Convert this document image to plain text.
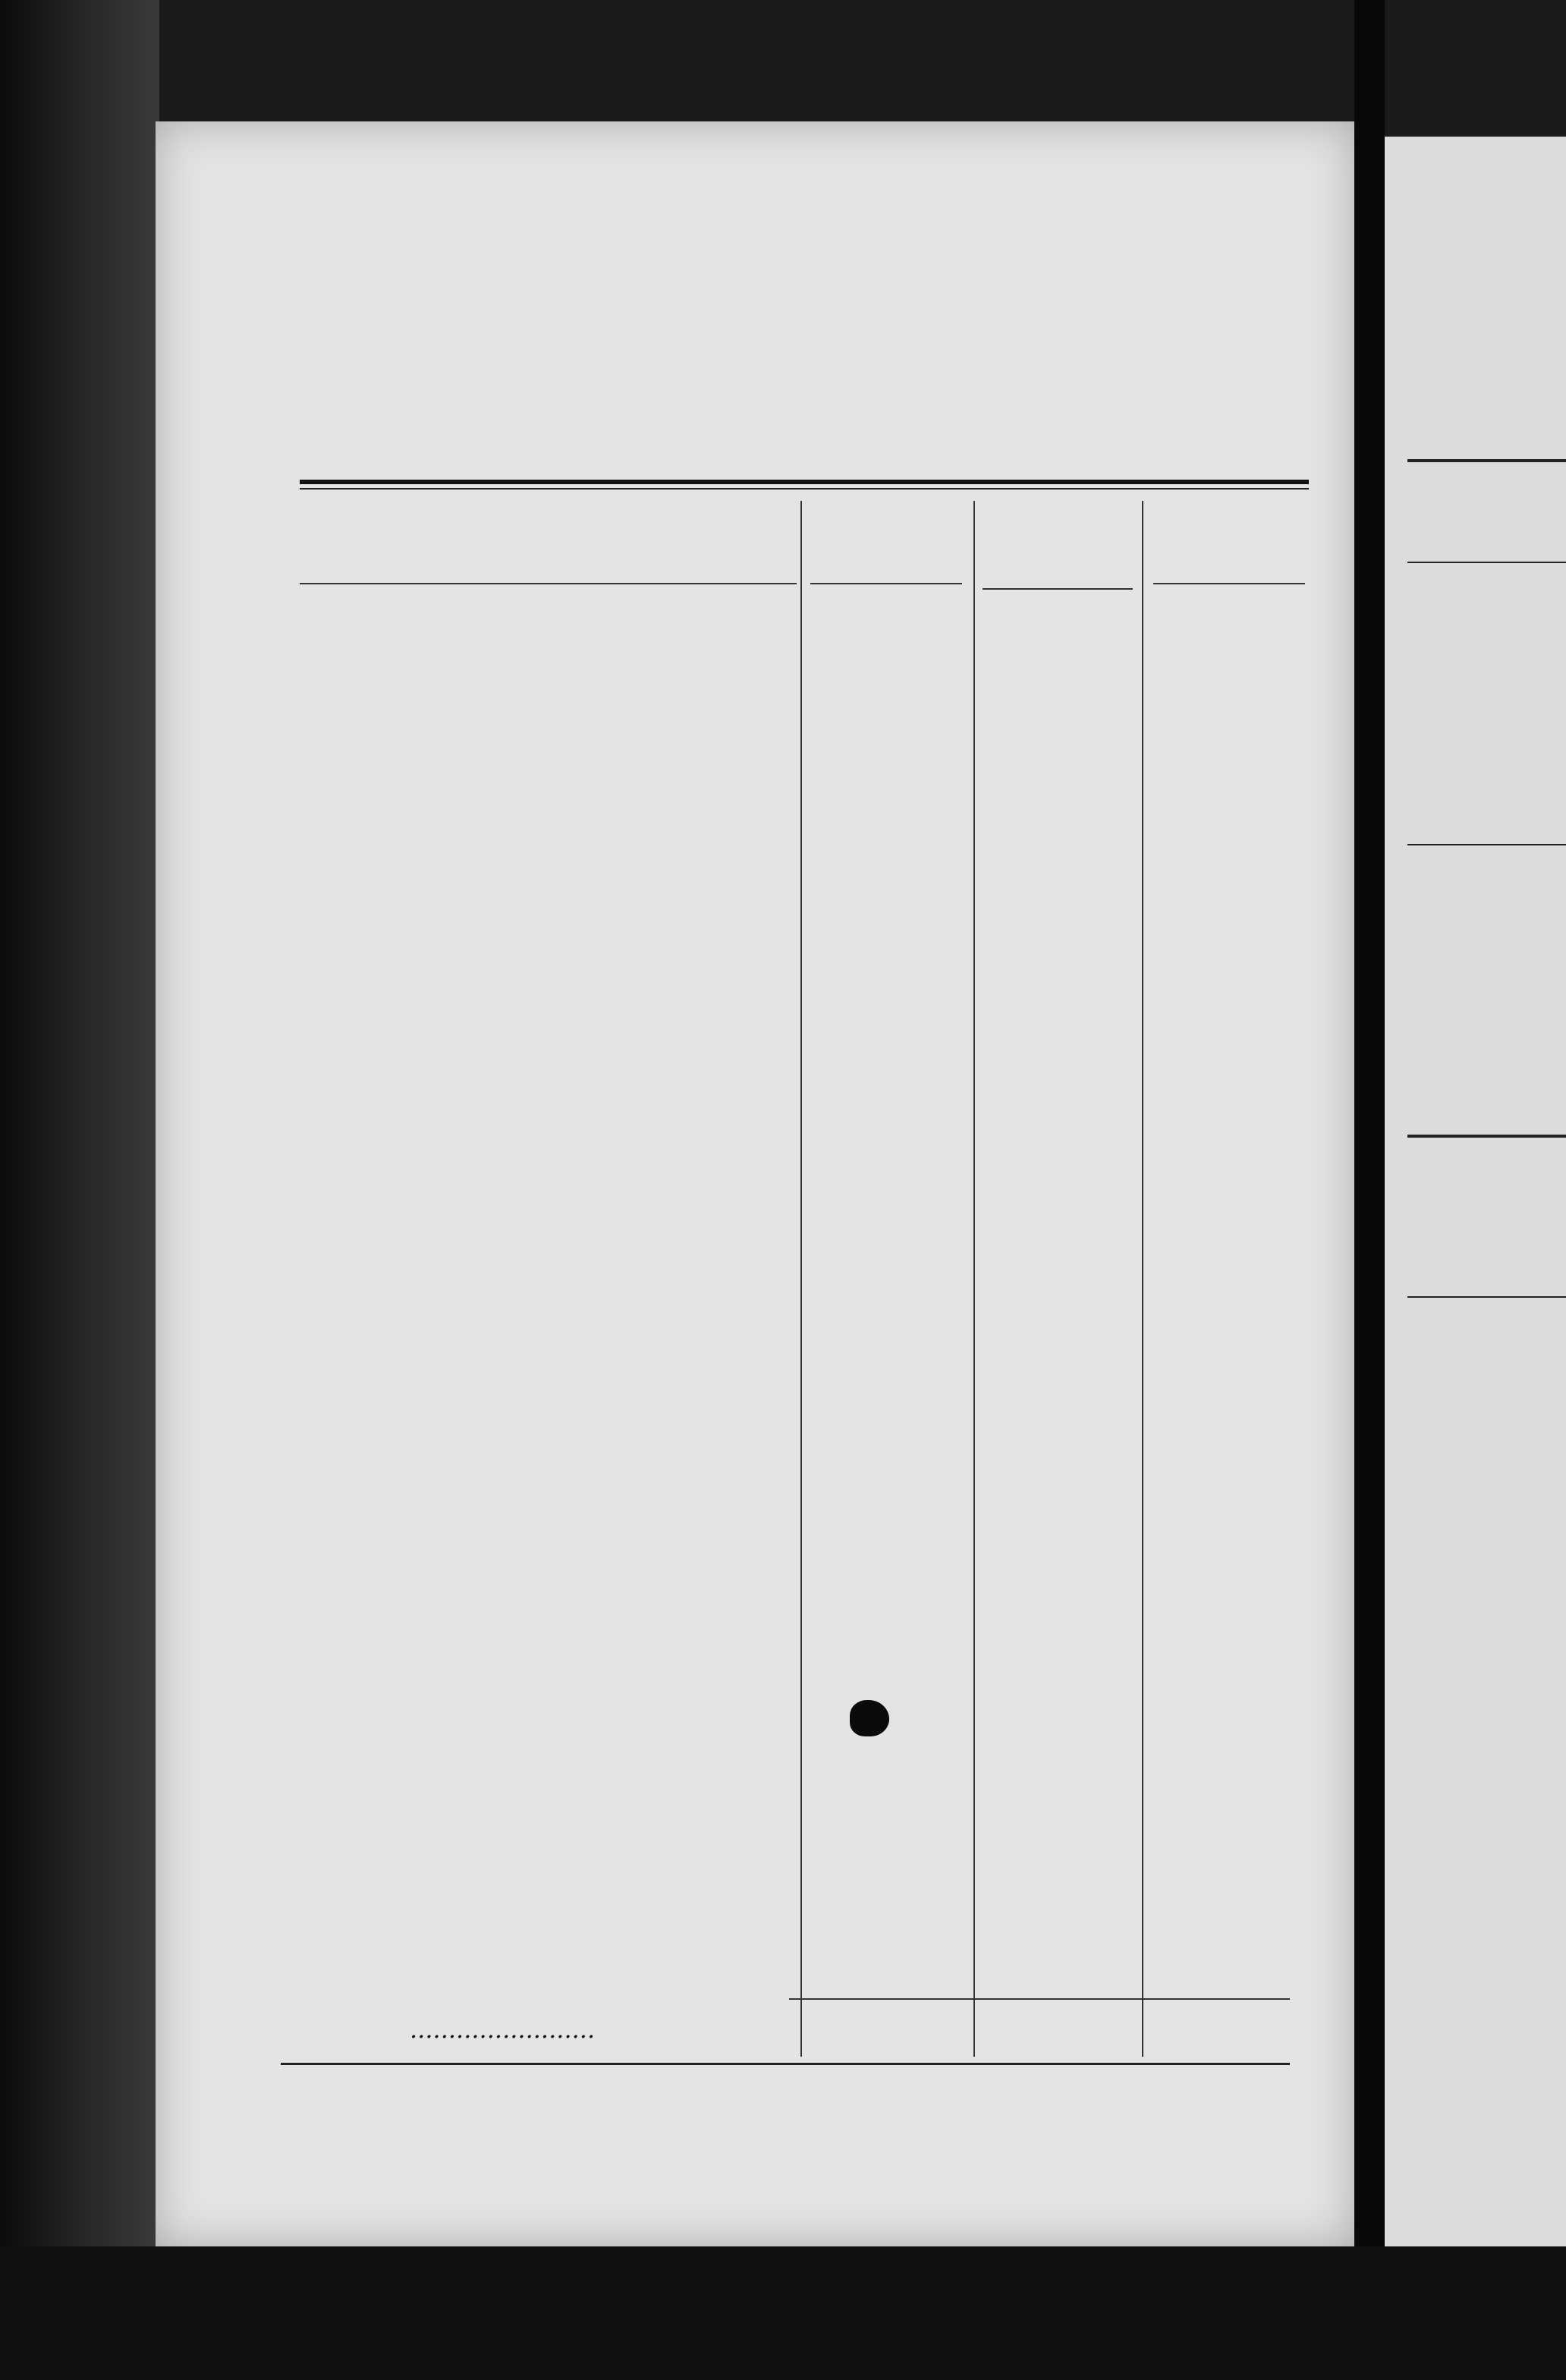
........................
